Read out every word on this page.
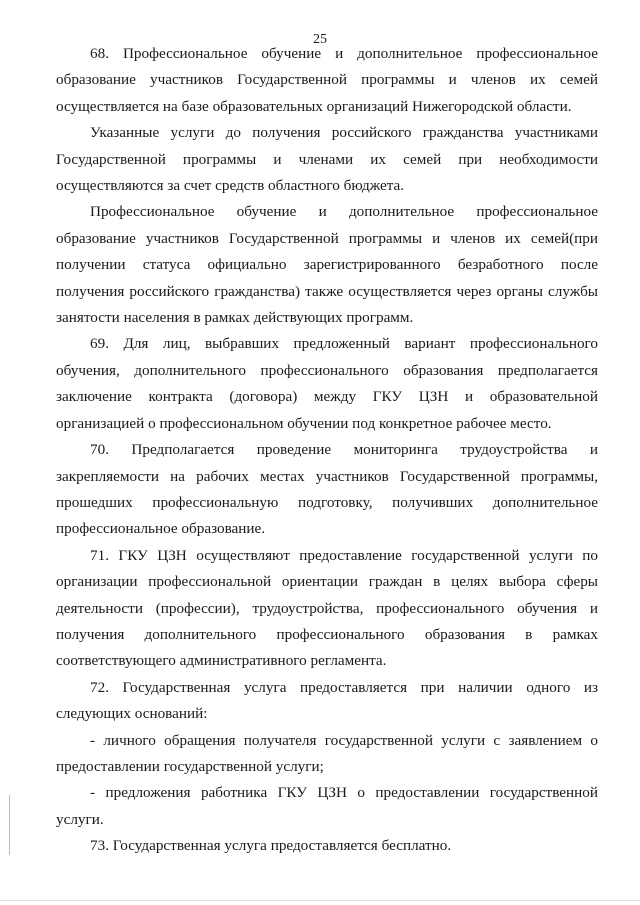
25

68. Профессиональное обучение и дополнительное профессиональное образование участников Государственной программы и членов их семей осуществляется на базе образовательных организаций Нижегородской области.

Указанные услуги до получения российского гражданства участниками Государственной программы и членами их семей при необходимости осуществляются за счет средств областного бюджета.

Профессиональное обучение и дополнительное профессиональное образование участников Государственной программы и членов их семей(при получении статуса официально зарегистрированного безработного после получения российского гражданства) также осуществляется через органы службы занятости населения в рамках действующих программ.

69. Для лиц, выбравших предложенный вариант профессионального обучения, дополнительного профессионального образования предполагается заключение контракта (договора) между ГКУ ЦЗН и образовательной организацией о профессиональном обучении под конкретное рабочее место.

70. Предполагается проведение мониторинга трудоустройства и закрепляемости на рабочих местах участников Государственной программы, прошедших профессиональную подготовку, получивших дополнительное профессиональное образование.

71. ГКУ ЦЗН осуществляют предоставление государственной услуги по организации профессиональной ориентации граждан в целях выбора сферы деятельности (профессии), трудоустройства, профессионального обучения и получения дополнительного профессионального образования в рамках соответствующего административного регламента.

72. Государственная услуга предоставляется при наличии одного из следующих оснований:

- личного обращения получателя государственной услуги с заявлением о предоставлении государственной услуги;

- предложения работника ГКУ ЦЗН о предоставлении государственной услуги.

73. Государственная услуга предоставляется бесплатно.
